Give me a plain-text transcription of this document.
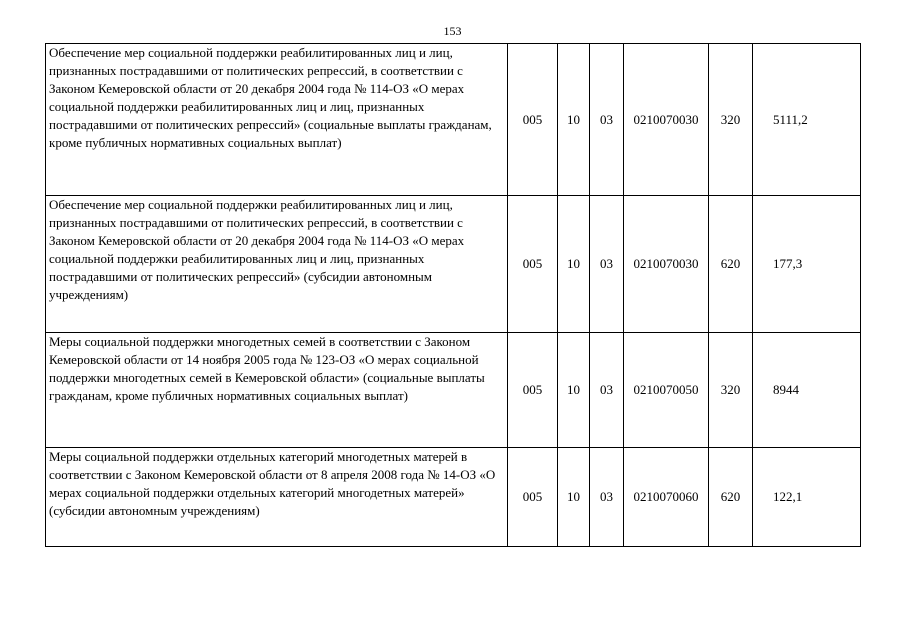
153
Обеспечение мер социальной поддержки реабилитированных лиц и лиц, признанных пострадавшими от политических репрессий, в соответствии с Законом Кемеровской области от 20 декабря 2004 года № 114-ОЗ «О мерах социальной поддержки реабилитированных лиц и лиц, признанных пострадавшими от политических репрессий» (социальные выплаты гражданам, кроме публичных нормативных социальных выплат)	005	10	03	0210070030	320	5111,2
Обеспечение мер социальной поддержки реабилитированных лиц и лиц, признанных пострадавшими от политических репрессий, в соответствии с Законом Кемеровской области от 20 декабря 2004 года № 114-ОЗ «О мерах социальной поддержки реабилитированных лиц и лиц, признанных пострадавшими от политических репрессий» (субсидии автономным учреждениям)	005	10	03	0210070030	620	177,3
Меры социальной поддержки многодетных семей в соответствии с Законом Кемеровской области от 14 ноября 2005 года № 123-ОЗ «О мерах социальной поддержки многодетных семей в Кемеровской области» (социальные выплаты гражданам, кроме публичных нормативных социальных выплат)	005	10	03	0210070050	320	8944
Меры социальной поддержки отдельных категорий многодетных матерей в соответствии с Законом Кемеровской области от 8 апреля 2008 года № 14-ОЗ «О мерах социальной поддержки отдельных категорий многодетных матерей» (субсидии автономным учреждениям)	005	10	03	0210070060	620	122,1
